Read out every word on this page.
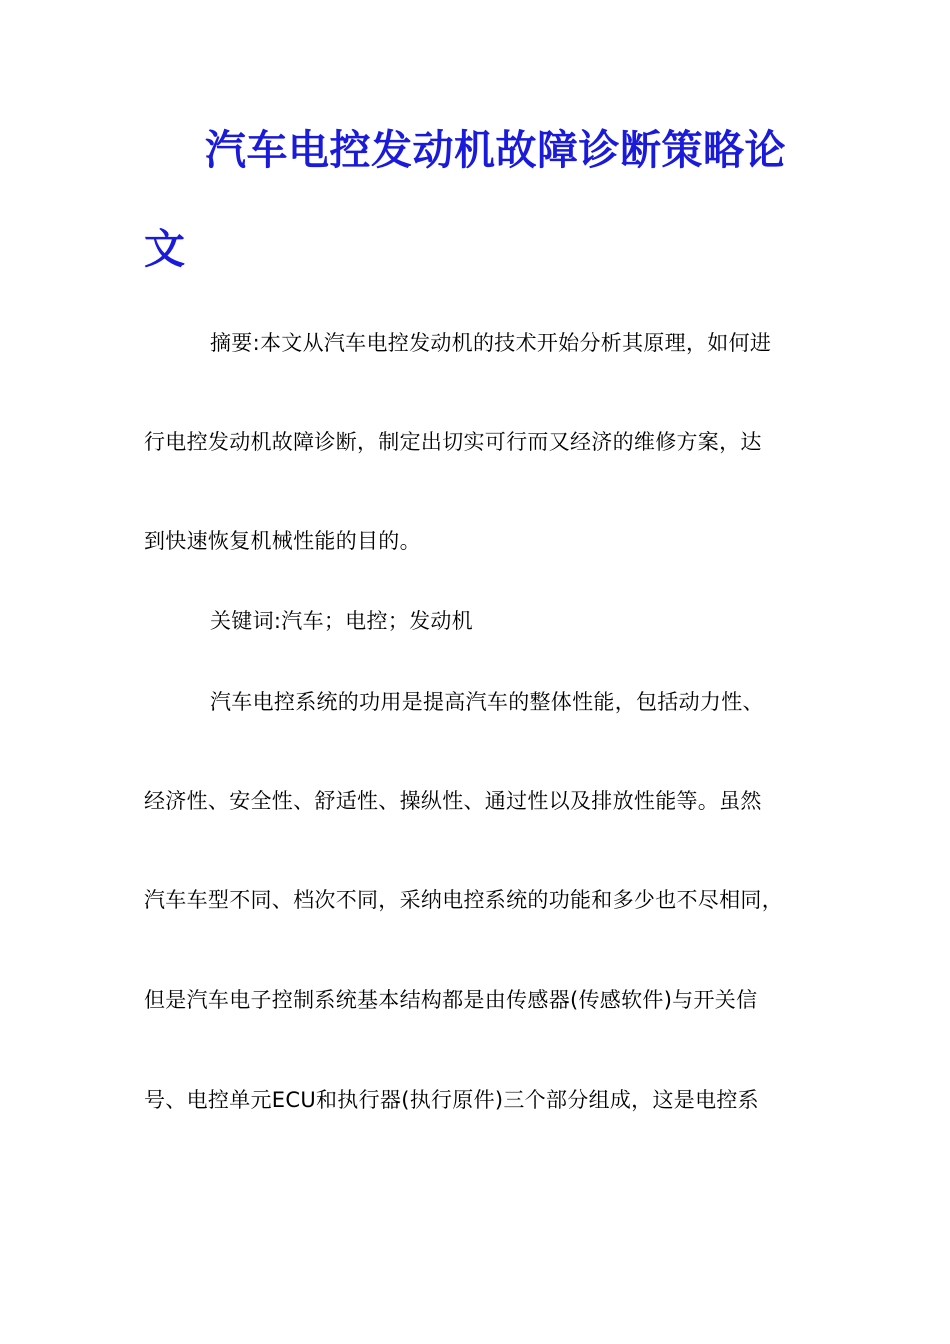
汽车电控发动机故障诊断策略论
文
摘要:本文从汽车电控发动机的技术开始分析其原理，如何进
行电控发动机故障诊断，制定出切实可行而又经济的维修方案，达
到快速恢复机械性能的目的。
关键词:汽车；电控；发动机
汽车电控系统的功用是提高汽车的整体性能，包括动力性、
经济性、安全性、舒适性、操纵性、通过性以及排放性能等。虽然
汽车车型不同、档次不同，采纳电控系统的功能和多少也不尽相同，
但是汽车电子控制系统基本结构都是由传感器(传感软件)与开关信
号、电控单元ECU和执行器(执行原件)三个部分组成，这是电控系
